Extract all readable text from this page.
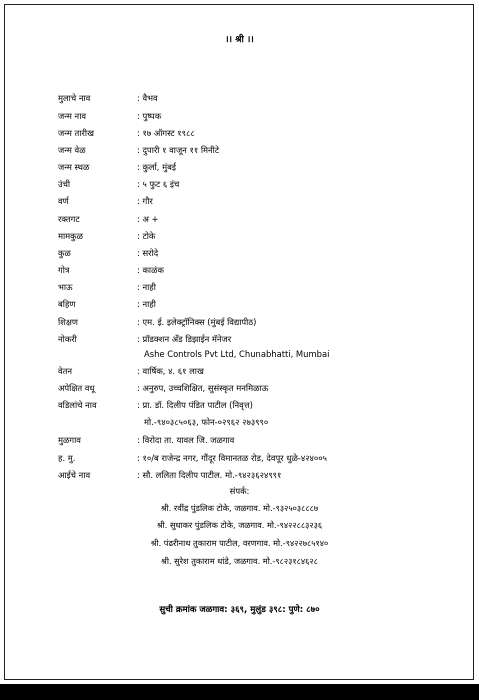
।। श्री ।।
मुलाचे नाव	: वैभव
जन्म नाव	: पुष्पक
जन्म तारीख	: १७ ऑगस्ट १९८८
जन्म वेळ	: दुपारी १ वाजून ११ मिनीटे
जन्म स्थळ	: कुर्ला, मुंबई
उंची	: ५ फुट ६ इंच
वर्ण	: गौर
रक्तगट	: अ +
मामकुळ	: टोके
कुळ	: सरोदे
गोत्र	: काळंक
भाऊ	: नाही
बहिण	: नाही
शिक्षण	: एम. ई. इलेक्ट्रॉनिक्स (मुंबई विद्यापीठ)
नोकरी	: प्रॉडक्शन ॲंड डिझाईन मॅनेजर
Ashe Controls Pvt Ltd, Chunabhatti, Mumbai
वेतन	: वार्षिक, ४. ६१ लाख
अपेक्षित वधू	: अनुरुप, उच्चशिक्षित, सुसंस्कृत मनमिळाऊ
वडिलांचे नाव	: प्रा. डॉ. दिलीप पंडित पाटील (निवृत्त)
मो.-९४०३८५०६३, फोन-०२९६२ २७३९९०
मुळगाव	: विरोदा ता. यावल जि. जळगाव
ह. मु.	: १०/ब राजेन्द्र नगर, गौंदूर विमानतळ रोड, देवपूर धुळे-४२४००५
आईचे नाव	: सौ. ललिता दिलीप पाटील. मो.-९४२३६२४९९१
संपर्क:
श्री. रवींद्र पुंडलिक टोके, जळगाव. मो.-९३२५०३८८८७
श्री. सुधाकर पुंडलिक टोके, जळगाव. मो.-९४२२८८३२३६
श्री. पंढरीनाथ तुकाराम पाटील, वरणगाव. मो.-९४२२७८५१४०
श्री. सुरेश तुकाराम धांडे, जळगाव. मो.-९८२३१८४६२८
सुची क्रमांक जळगाव: ३६९, मुलुंड ३९८: पुणे: ८७०
